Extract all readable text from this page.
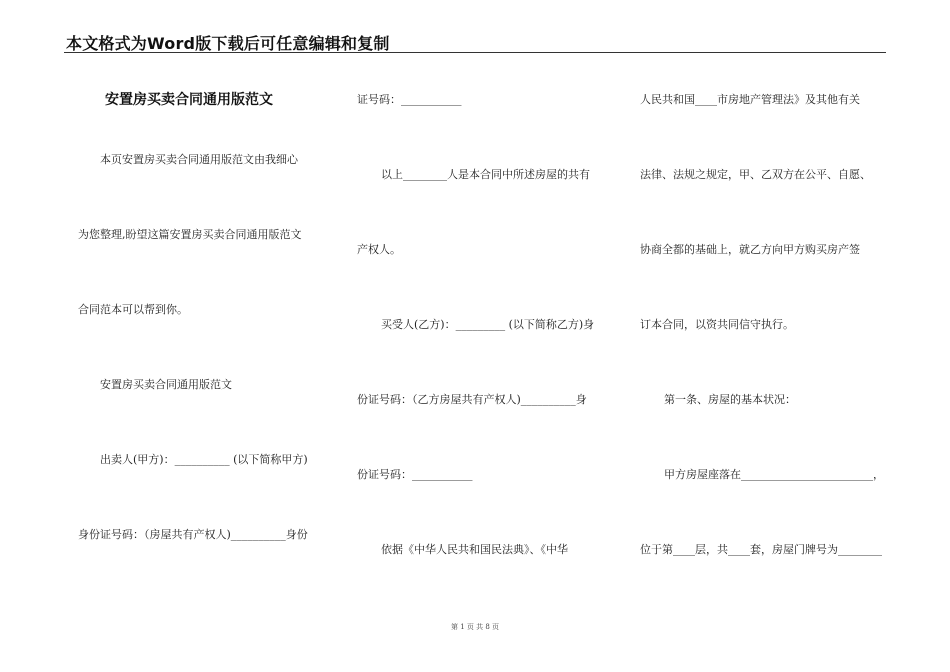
本文格式为Word版下载后可任意编辑和复制
安置房买卖合同通用版范文
本页安置房买卖合同通用版范文由我细心
为您整理,盼望这篇安置房买卖合同通用版范文
合同范本可以帮到你。
安置房买卖合同通用版范文
出卖人(甲方)：__________ (以下简称甲方)
身份证号码：（房屋共有产权人)__________身份
证号码：___________
以上________人是本合同中所述房屋的共有
产权人。
买受人(乙方)：_________ (以下简称乙方)身
份证号码：（乙方房屋共有产权人)__________身
份证号码：___________
依据《中华人民共和国民法典》、《中华
人民共和国____市房地产管理法》及其他有关
法律、法规之规定，甲、乙双方在公平、自愿、
协商全都的基础上，就乙方向甲方购买房产签
订本合同，以资共同信守执行。
第一条、房屋的基本状况：
甲方房屋座落在________________________，
位于第____层，共____套，房屋门牌号为________
第 1 页 共 8 页
